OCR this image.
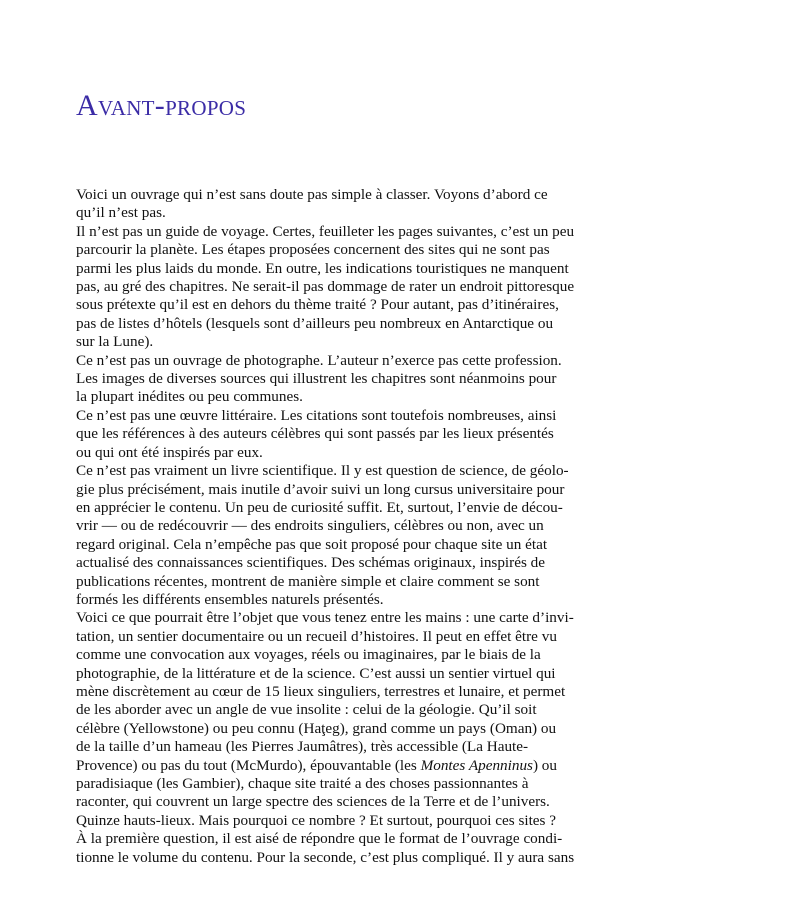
Avant-propos
Voici un ouvrage qui n’est sans doute pas simple à classer. Voyons d’abord ce
qu’il n’est pas.
Il n’est pas un guide de voyage. Certes, feuilleter les pages suivantes, c’est un peu
parcourir la planète. Les étapes proposées concernent des sites qui ne sont pas
parmi les plus laids du monde. En outre, les indications touristiques ne manquent
pas, au gré des chapitres. Ne serait-il pas dommage de rater un endroit pittoresque
sous prétexte qu’il est en dehors du thème traité ? Pour autant, pas d’itinéraires,
pas de listes d’hôtels (lesquels sont d’ailleurs peu nombreux en Antarctique ou
sur la Lune).
Ce n’est pas un ouvrage de photographe. L’auteur n’exerce pas cette profession.
Les images de diverses sources qui illustrent les chapitres sont néanmoins pour
la plupart inédites ou peu communes.
Ce n’est pas une œuvre littéraire. Les citations sont toutefois nombreuses, ainsi
que les références à des auteurs célèbres qui sont passés par les lieux présentés
ou qui ont été inspirés par eux.
Ce n’est pas vraiment un livre scientifique. Il y est question de science, de géolo-
gie plus précisément, mais inutile d’avoir suivi un long cursus universitaire pour
en apprécier le contenu. Un peu de curiosité suffit. Et, surtout, l’envie de décou-
vrir — ou de redécouvrir — des endroits singuliers, célèbres ou non, avec un
regard original. Cela n’empêche pas que soit proposé pour chaque site un état
actualisé des connaissances scientifiques. Des schémas originaux, inspirés de
publications récentes, montrent de manière simple et claire comment se sont
formés les différents ensembles naturels présentés.
Voici ce que pourrait être l’objet que vous tenez entre les mains : une carte d’invi-
tation, un sentier documentaire ou un recueil d’histoires. Il peut en effet être vu
comme une convocation aux voyages, réels ou imaginaires, par le biais de la
photographie, de la littérature et de la science. C’est aussi un sentier virtuel qui
mène discrètement au cœur de 15 lieux singuliers, terrestres et lunaire, et permet
de les aborder avec un angle de vue insolite : celui de la géologie. Qu’il soit
célèbre (Yellowstone) ou peu connu (Haţeg), grand comme un pays (Oman) ou
de la taille d’un hameau (les Pierres Jaumâtres), très accessible (La Haute-
Provence) ou pas du tout (McMurdo), épouvantable (les Montes Apenninus) ou
paradisiaque (les Gambier), chaque site traité a des choses passionnantes à
raconter, qui couvrent un large spectre des sciences de la Terre et de l’univers.
Quinze hauts-lieux. Mais pourquoi ce nombre ? Et surtout, pourquoi ces sites ?
À la première question, il est aisé de répondre que le format de l’ouvrage condi-
tionne le volume du contenu. Pour la seconde, c’est plus compliqué. Il y aura sans
